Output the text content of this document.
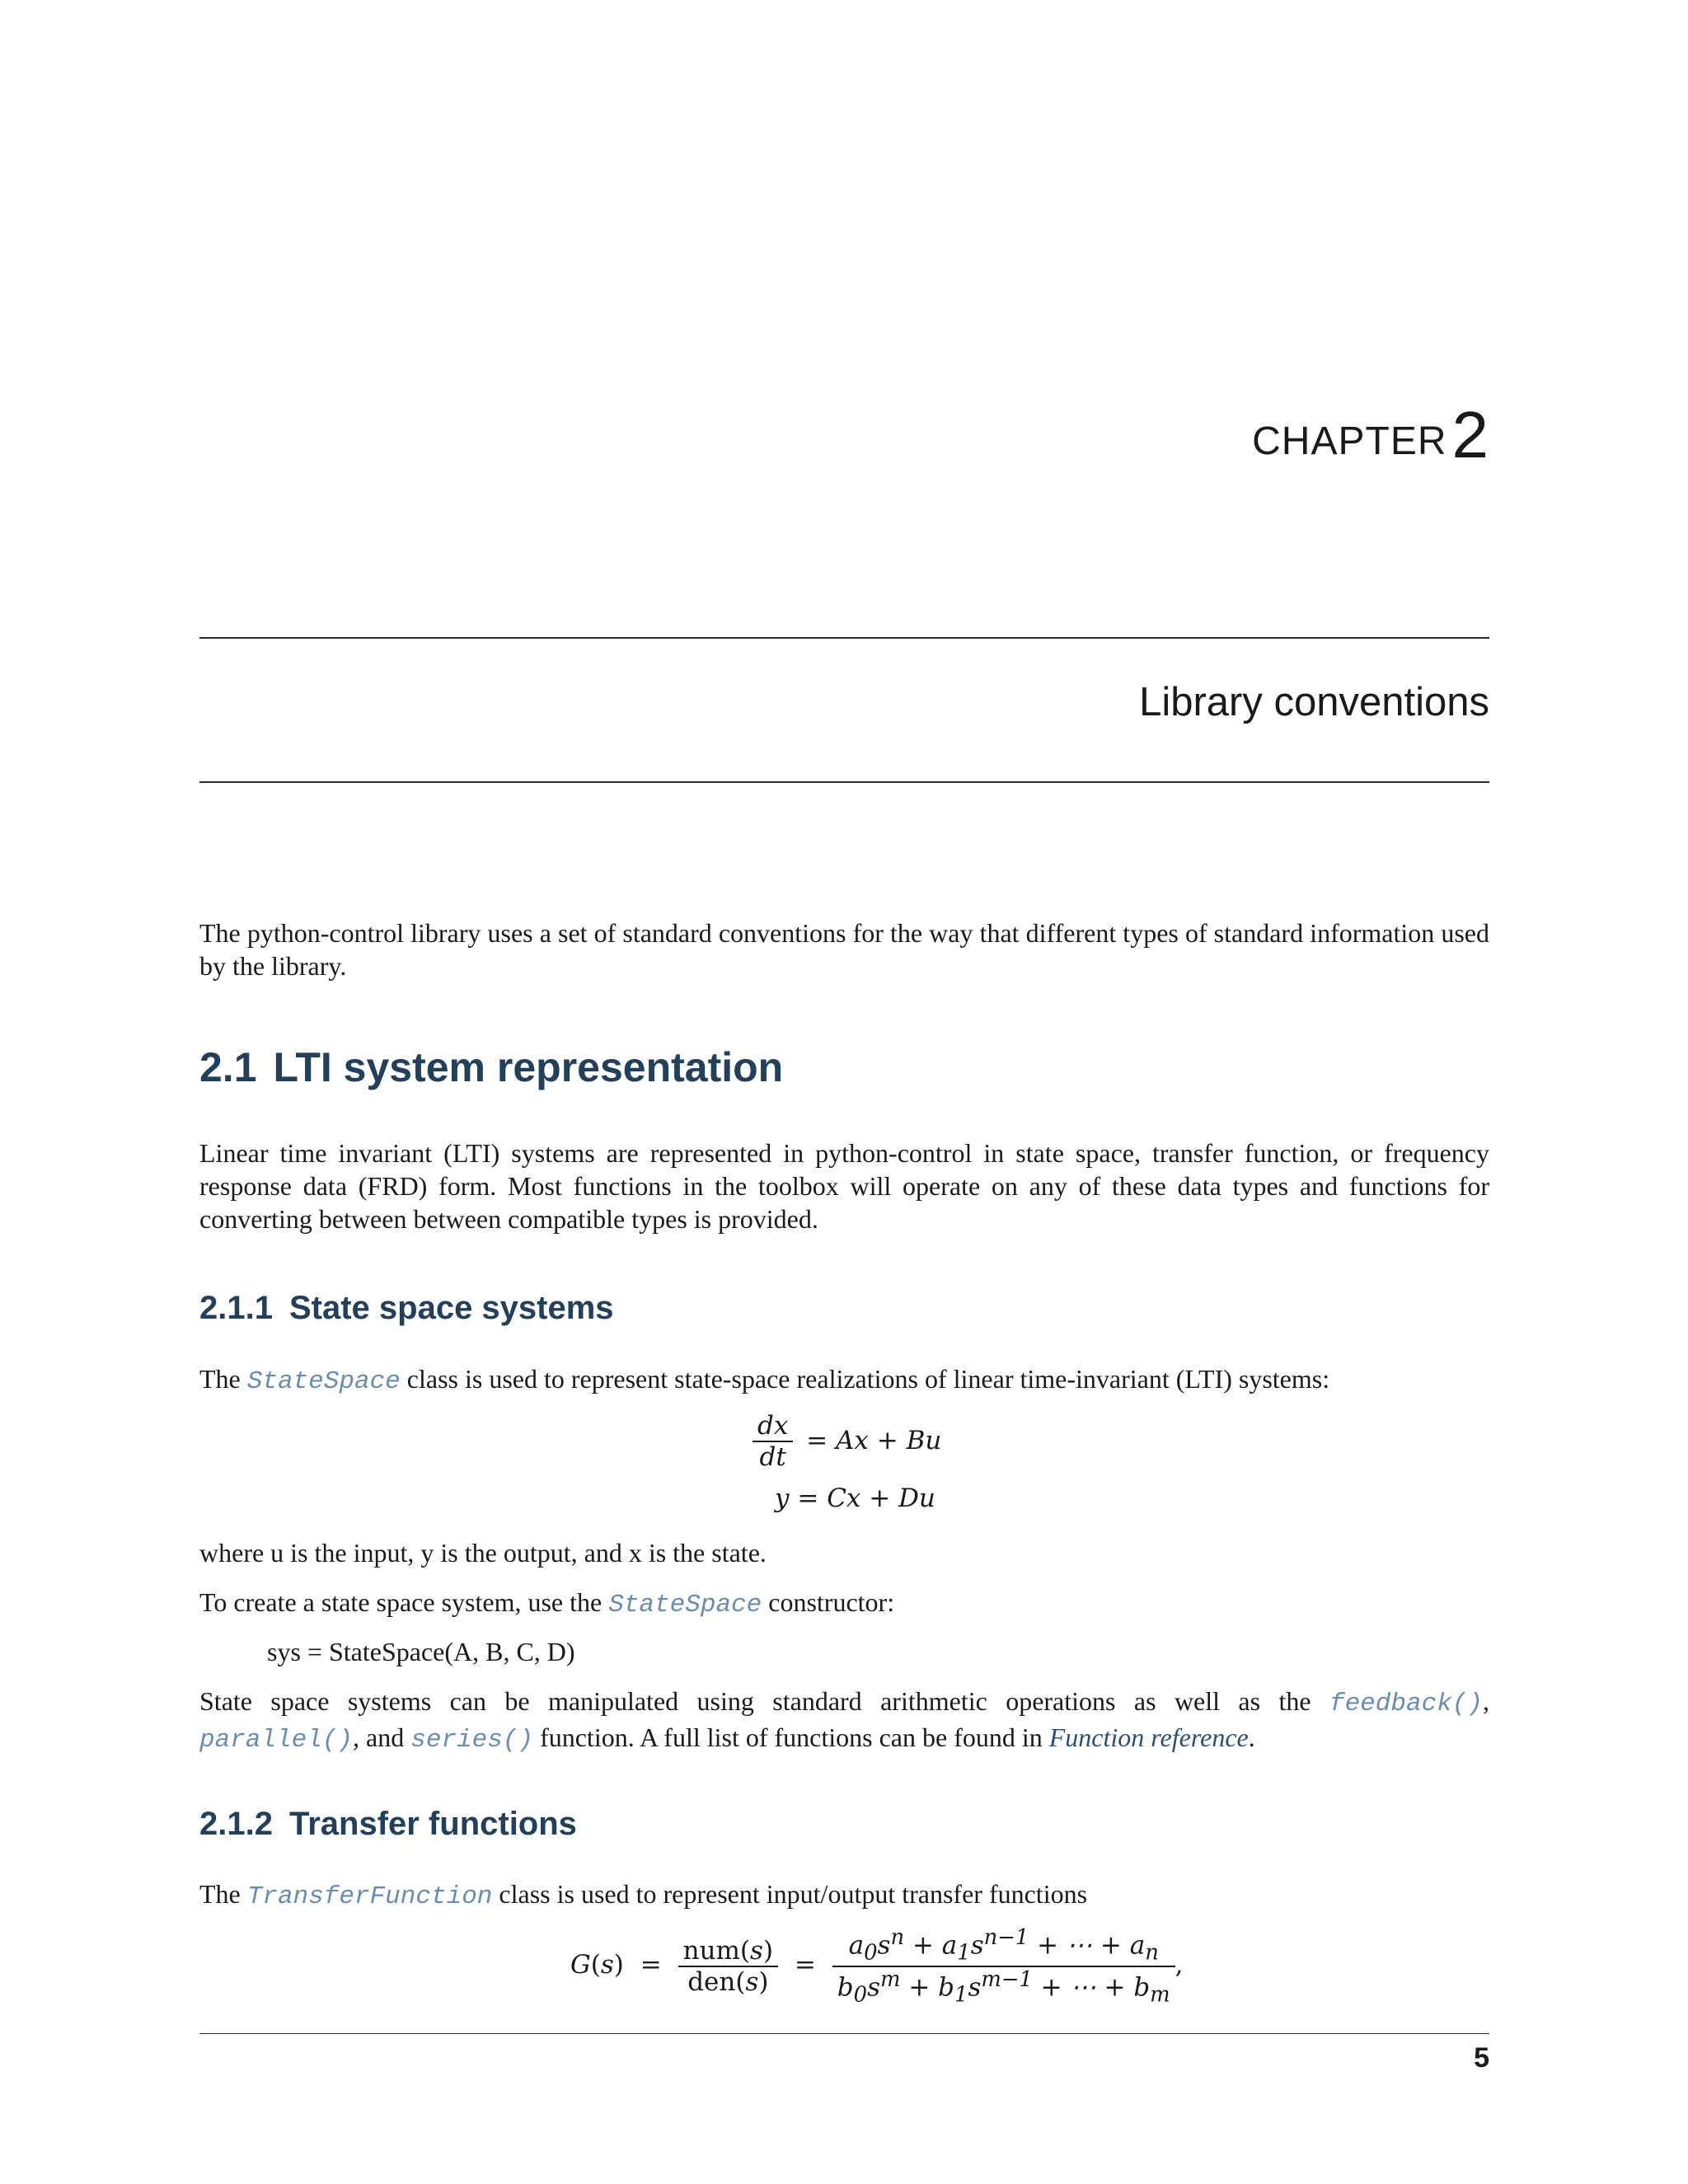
CHAPTER2
Library conventions

The python-control library uses a set of standard conventions for the way that different types of standard information used by the library.

2.1 LTI system representation

Linear time invariant (LTI) systems are represented in python-control in state space, transfer function, or frequency response data (FRD) form. Most functions in the toolbox will operate on any of these data types and functions for converting between between compatible types is provided.

2.1.1 State space systems

The StateSpace class is used to represent state-space realizations of linear time-invariant (LTI) systems:

$\frac{dx}{dt} = Ax + Bu$
y = Cx + Du

where u is the input, y is the output, and x is the state.

To create a state space system, use the StateSpace constructor:

sys = StateSpace(A, B, C, D)

State space systems can be manipulated using standard arithmetic operations as well as the feedback(), parallel(), and series() function. A full list of functions can be found in Function reference.

2.1.2 Transfer functions

The TransferFunction class is used to represent input/output transfer functions

$G(s) = \frac{\text{num(s)}}{\text{den(s)}} = \frac{a_0s^n + a_1s^{n-1} + \cdots + a_n}{b_0s^m + b_1s^{m-1} + \cdots + b_m}$ ,
5
